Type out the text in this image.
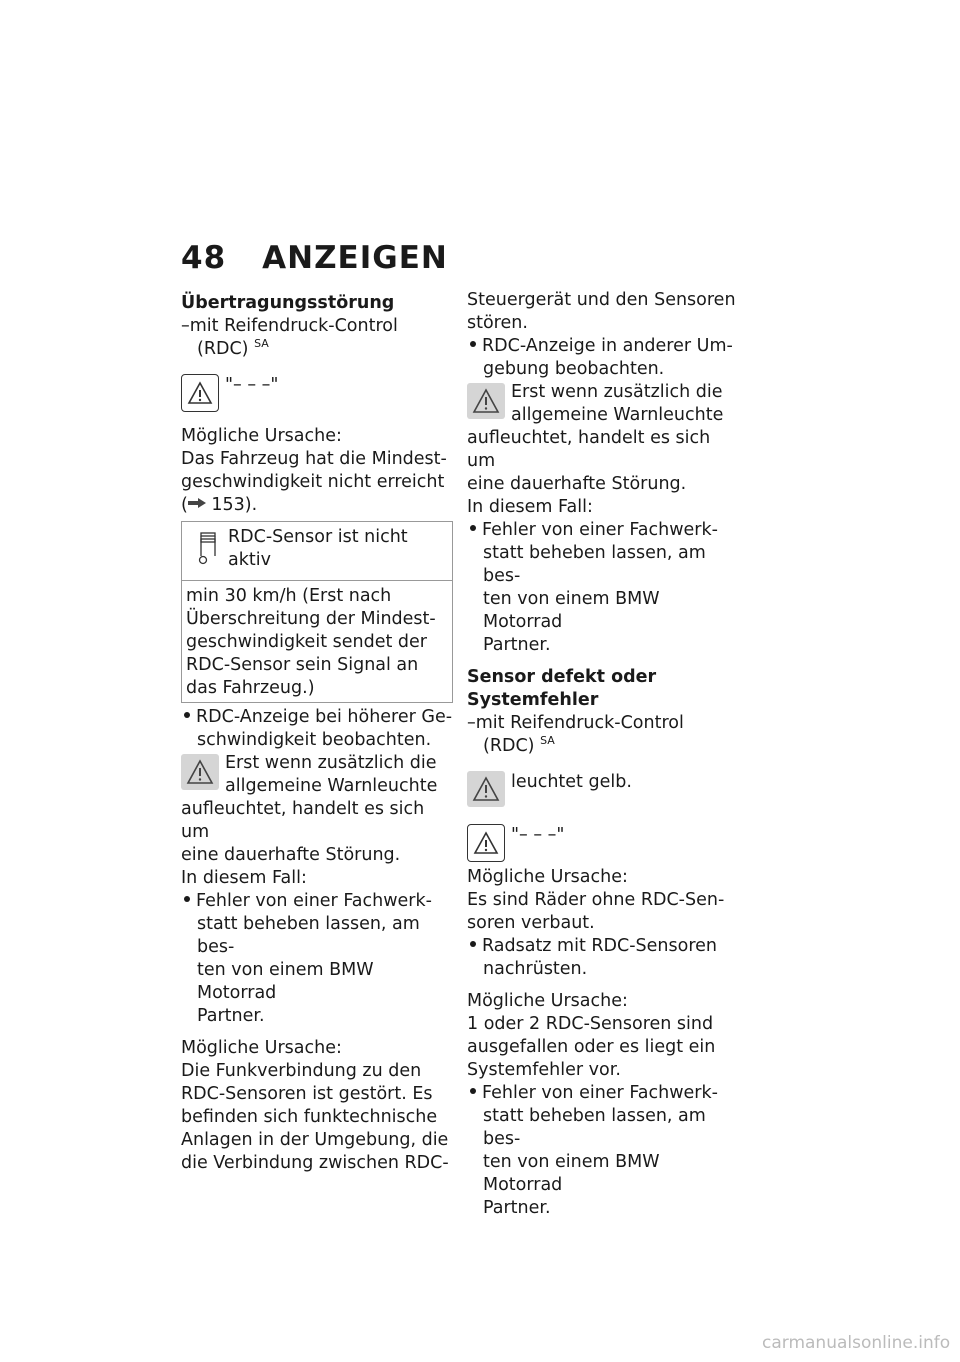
48 ANZEIGEN

Übertragungsstörung

–mit Reifendruck-Control

(RDC) $^{SA}$

"– – –"

Mögliche Ursache:

Das Fahrzeug hat die Mindest-

geschwindigkeit nicht erreicht

( 153).

RDC-Sensor ist nicht

aktiv

min 30 km/h (Erst nach

Überschreitung der Mindest-

geschwindigkeit sendet der

RDC-Sensor sein Signal an

das Fahrzeug.)

RDC-Anzeige bei höherer Ge-

schwindigkeit beobachten.

Erst wenn zusätzlich die

allgemeine Warnleuchte

aufleuchtet, handelt es sich um

eine dauerhafte Störung.

In diesem Fall:

Fehler von einer Fachwerk-

statt beheben lassen, am bes-

ten von einem BMW Motorrad

Partner.

Mögliche Ursache:

Die Funkverbindung zu den

RDC-Sensoren ist gestört. Es

befinden sich funktechnische

Anlagen in der Umgebung, die

die Verbindung zwischen RDC-

Steuergerät und den Sensoren

stören.

RDC-Anzeige in anderer Um-

gebung beobachten.

Erst wenn zusätzlich die

allgemeine Warnleuchte

aufleuchtet, handelt es sich um

eine dauerhafte Störung.

In diesem Fall:

Fehler von einer Fachwerk-

statt beheben lassen, am bes-

ten von einem BMW Motorrad

Partner.

Sensor defekt oder

Systemfehler

–mit Reifendruck-Control

(RDC) $^{SA}$

leuchtet gelb.

"– – –"

Mögliche Ursache:

Es sind Räder ohne RDC-Sen-

soren verbaut.

Radsatz mit RDC-Sensoren

nachrüsten.

Mögliche Ursache:

1 oder 2 RDC-Sensoren sind

ausgefallen oder es liegt ein

Systemfehler vor.

Fehler von einer Fachwerk-

statt beheben lassen, am bes-

ten von einem BMW Motorrad

Partner.

carmanualsonline.info
